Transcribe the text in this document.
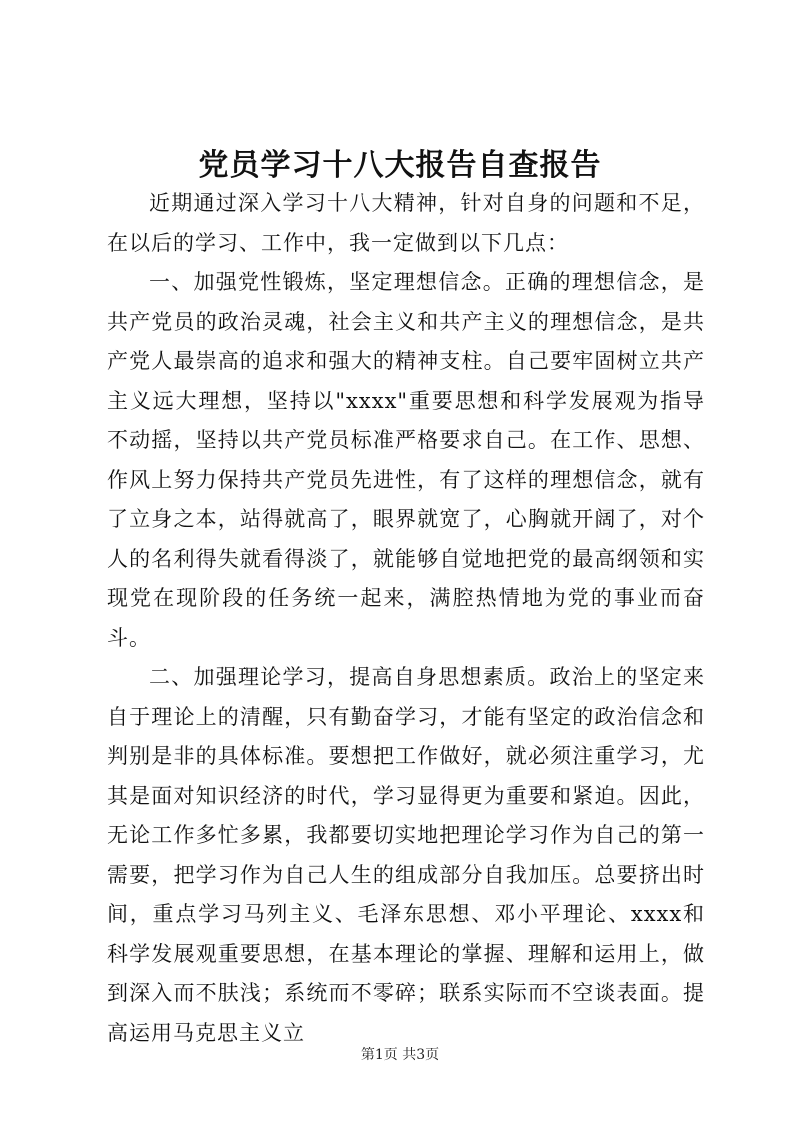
党员学习十八大报告自查报告

近期通过深入学习十八大精神，针对自身的问题和不足，在以后的学习、工作中，我一定做到以下几点：

一、加强党性锻炼，坚定理想信念。正确的理想信念，是共产党员的政治灵魂，社会主义和共产主义的理想信念，是共产党人最崇高的追求和强大的精神支柱。自己要牢固树立共产主义远大理想，坚持以"xxxx"重要思想和科学发展观为指导不动摇，坚持以共产党员标准严格要求自己。在工作、思想、作风上努力保持共产党员先进性，有了这样的理想信念，就有了立身之本，站得就高了，眼界就宽了，心胸就开阔了，对个人的名利得失就看得淡了，就能够自觉地把党的最高纲领和实现党在现阶段的任务统一起来，满腔热情地为党的事业而奋斗。

二、加强理论学习，提高自身思想素质。政治上的坚定来自于理论上的清醒，只有勤奋学习，才能有坚定的政治信念和判别是非的具体标准。要想把工作做好，就必须注重学习，尤其是面对知识经济的时代，学习显得更为重要和紧迫。因此，无论工作多忙多累，我都要切实地把理论学习作为自己的第一需要，把学习作为自己人生的组成部分自我加压。总要挤出时间，重点学习马列主义、毛泽东思想、邓小平理论、xxxx和科学发展观重要思想，在基本理论的掌握、理解和运用上，做到深入而不肤浅；系统而不零碎；联系实际而不空谈表面。提高运用马克思主义立

第1页 共3页
